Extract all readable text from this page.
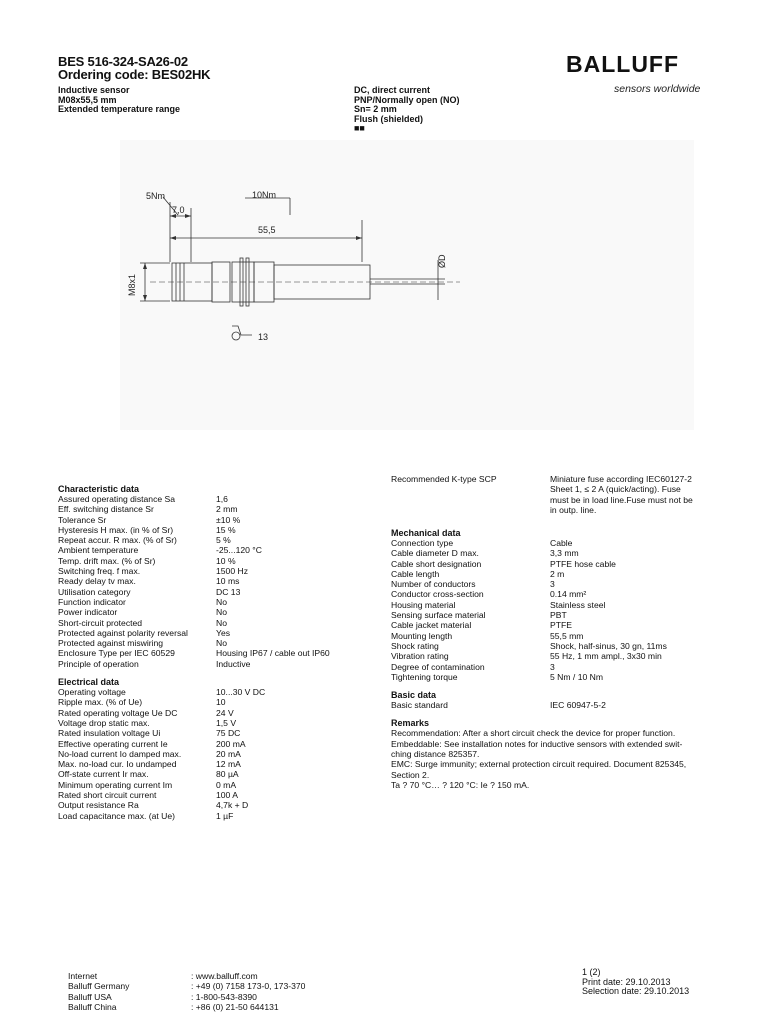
BES 516-324-SA26-02
Ordering code: BES02HK
Inductive sensor
M08x55,5 mm
Extended temperature range
DC, direct current
PNP/Normally open (NO)
Sn= 2 mm
Flush (shielded)
■■
BALLUFF
sensors worldwide
5Nm	10Nm
7,0
55,5
13
M8x1
ØD
Characteristic data
Assured operating distance Sa	1,6
Eff. switching distance Sr	2 mm
Tolerance Sr	±10 %
Hysteresis H max. (in % of Sr)	15 %
Repeat accur. R max. (% of Sr)	5 %
Ambient temperature	-25...120 °C
Temp. drift max. (% of Sr)	10 %
Switching freq. f max.	1500 Hz
Ready delay tv max.	10 ms
Utilisation category	DC 13
Function indicator	No
Power indicator	No
Short-circuit protected	No
Protected against polarity reversal	Yes
Protected against miswiring	No
Enclosure Type per IEC 60529	Housing IP67 / cable out IP60
Principle of operation	Inductive
Electrical data
Operating voltage	10...30 V DC
Ripple max. (% of Ue)	10
Rated operating voltage Ue DC	24 V
Voltage drop static max.	1,5 V
Rated insulation voltage Ui	75 DC
Effective operating current Ie	200 mA
No-load current Io damped max.	20 mA
Max. no-load cur. Io undamped	12 mA
Off-state current Ir max.	80 µA
Minimum operating current Im	0 mA
Rated short circuit current	100 A
Output resistance Ra	4,7k + D
Load capacitance max. (at Ue)	1 µF
Recommended K-type SCP	Miniature fuse according IEC60127-2
Sheet 1, ≤ 2 A (quick/acting). Fuse
must be in load line.Fuse must not be
in outp. line.
Mechanical data
Connection type	Cable
Cable diameter D max.	3,3 mm
Cable short designation	PTFE hose cable
Cable length	2 m
Number of conductors	3
Conductor cross-section	0.14 mm²
Housing material	Stainless steel
Sensing surface material	PBT
Cable jacket material	PTFE
Mounting length	55,5 mm
Shock rating	Shock, half-sinus, 30 gn, 11ms
Vibration rating	55 Hz, 1 mm ampl., 3x30 min
Degree of contamination	3
Tightening torque	5 Nm / 10 Nm
Basic data
Basic standard	IEC 60947-5-2
Remarks
Recommendation: After a short circuit check the device for proper function.
Embeddable: See installation notes for inductive sensors with extended swit-
ching distance 825357.
EMC: Surge immunity; external protection circuit required. Document 825345,
Section 2.
Ta ? 70 °C… ? 120 °C: Ie ? 150 mA.
Internet	: www.balluff.com
Balluff Germany	: +49 (0) 7158 173-0, 173-370
Balluff USA	: 1-800-543-8390
Balluff China	: +86 (0) 21-50 644131
1 (2)
Print date: 29.10.2013
Selection date: 29.10.2013
